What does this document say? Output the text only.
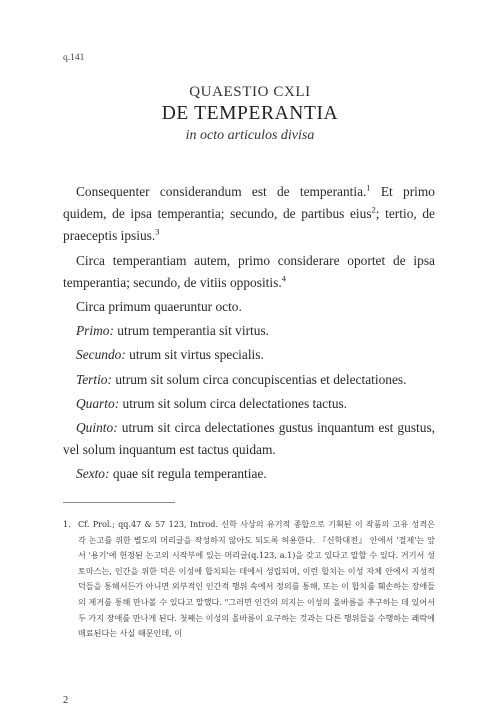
q.141
QUAESTIO CXLI
DE TEMPERANTIA
in octo articulos divisa

Consequenter considerandum est de temperantia.$^1$ Et primo quidem, de ipsa temperantia; secundo, de partibus eius$^2$; tertio, de praeceptis ipsius.$^3$

Circa temperantiam autem, primo considerare oportet de ipsa temperantia; secundo, de vitiis oppositis.$^4$

Circa primum quaeruntur octo.

Primo: utrum temperantia sit virtus.

Secundo: utrum sit virtus specialis.

Tertio: utrum sit solum circa concupiscentias et delectationes.

Quarto: utrum sit solum circa delectationes tactus.

Quinto: utrum sit circa delectationes gustus inquantum est gustus, vel solum inquantum est tactus quidam.

Sexto: quae sit regula temperantiae.

1. Cf. Prol.; qq.47 & 57 123, Introd. 신학 사상의 유기적 종합으로 기획된 이 작품의 고유 성격은 각 논고를 위한 별도의 머리글을 작성하지 않아도 되도록 허용한다. 『신학대전』 안에서 '절제'는 앞서 '용기'에 헌정된 논고의 시작부에 있는 머리글(q.123, a.1)을 갖고 있다고 말할 수 있다. 거기서 성 토마스는, 인간을 위한 덕은 이성에 합치되는 데에서 성립되며, 이런 합치는 이성 자체 안에서 지성적 덕들을 통해서든가 아니면 외부적인 인간적 행위 속에서 정의를 통해, 또는 이 합치를 훼손하는 장애들의 제거를 통해 만나볼 수 있다고 말했다. "그러면 인간의 의지는 이성의 올바름을 추구하는 데 있어서 두 가지 장애를 만나게 된다. 첫째는 이성의 올바름이 요구하는 것과는 다른 행위들을 수행하는 쾌락에 매료된다는 사실 때문인데, 이
2
